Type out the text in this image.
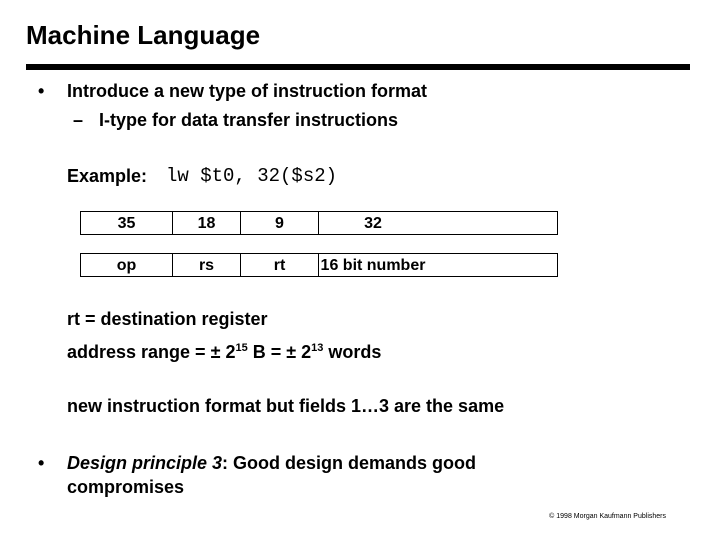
Machine Language
• Introduce a new type of instruction format
– I-type for data transfer instructions
Example: lw $t0, 32($s2)
35	18	9	32
op	rs	rt	16 bit number
rt = destination register
address range = ± $2^{15}$ B = ± $2^{13}$ words
new instruction format but fields 1…3 are the same
• Design principle 3: Good design demands good
compromises
© 1998 Morgan Kaufmann Publishers
